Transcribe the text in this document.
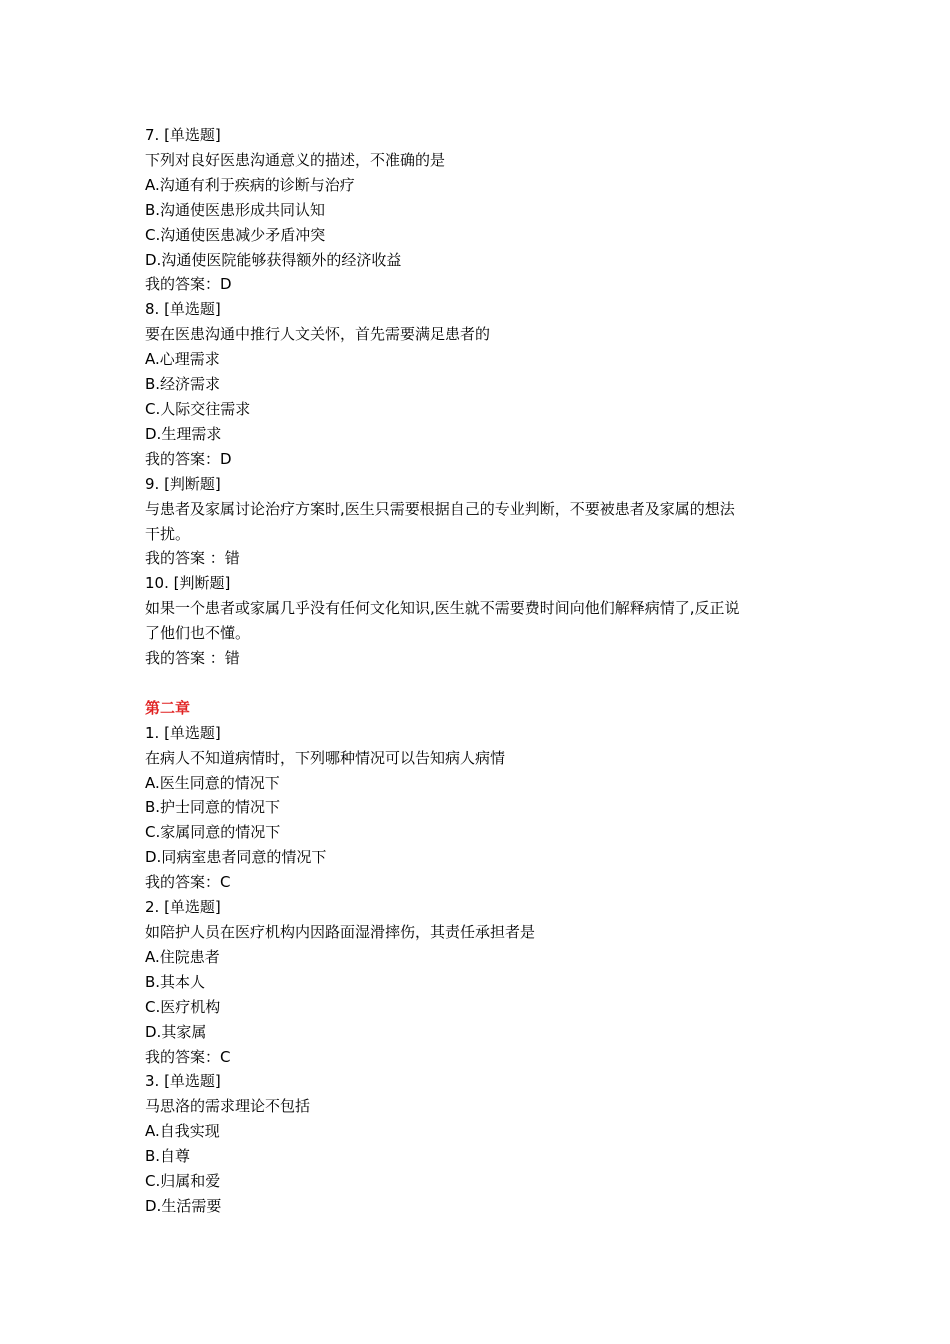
7. [单选题]

下列对良好医患沟通意义的描述，不准确的是

A.沟通有利于疾病的诊断与治疗

B.沟通使医患形成共同认知

C.沟通使医患减少矛盾冲突

D.沟通使医院能够获得额外的经济收益

我的答案：D

8. [单选题]

要在医患沟通中推行人文关怀，首先需要满足患者的

A.心理需求

B.经济需求

C.人际交往需求

D.生理需求

我的答案：D

9. [判断题]

与患者及家属讨论治疗方案时,医生只需要根据自己的专业判断，不要被患者及家属的想法

干扰。

我的答案 ：错

10. [判断题]

如果一个患者或家属几乎没有任何文化知识,医生就不需要费时间向他们解释病情了,反正说

了他们也不懂。

我的答案 ：错

第二章

1. [单选题]

在病人不知道病情时，下列哪种情况可以告知病人病情

A.医生同意的情况下

B.护士同意的情况下

C.家属同意的情况下

D.同病室患者同意的情况下

我的答案：C

2. [单选题]

如陪护人员在医疗机构内因路面湿滑摔伤，其责任承担者是

A.住院患者

B.其本人

C.医疗机构

D.其家属

我的答案：C

3. [单选题]

马思洛的需求理论不包括

A.自我实现

B.自尊

C.归属和爱

D.生活需要
